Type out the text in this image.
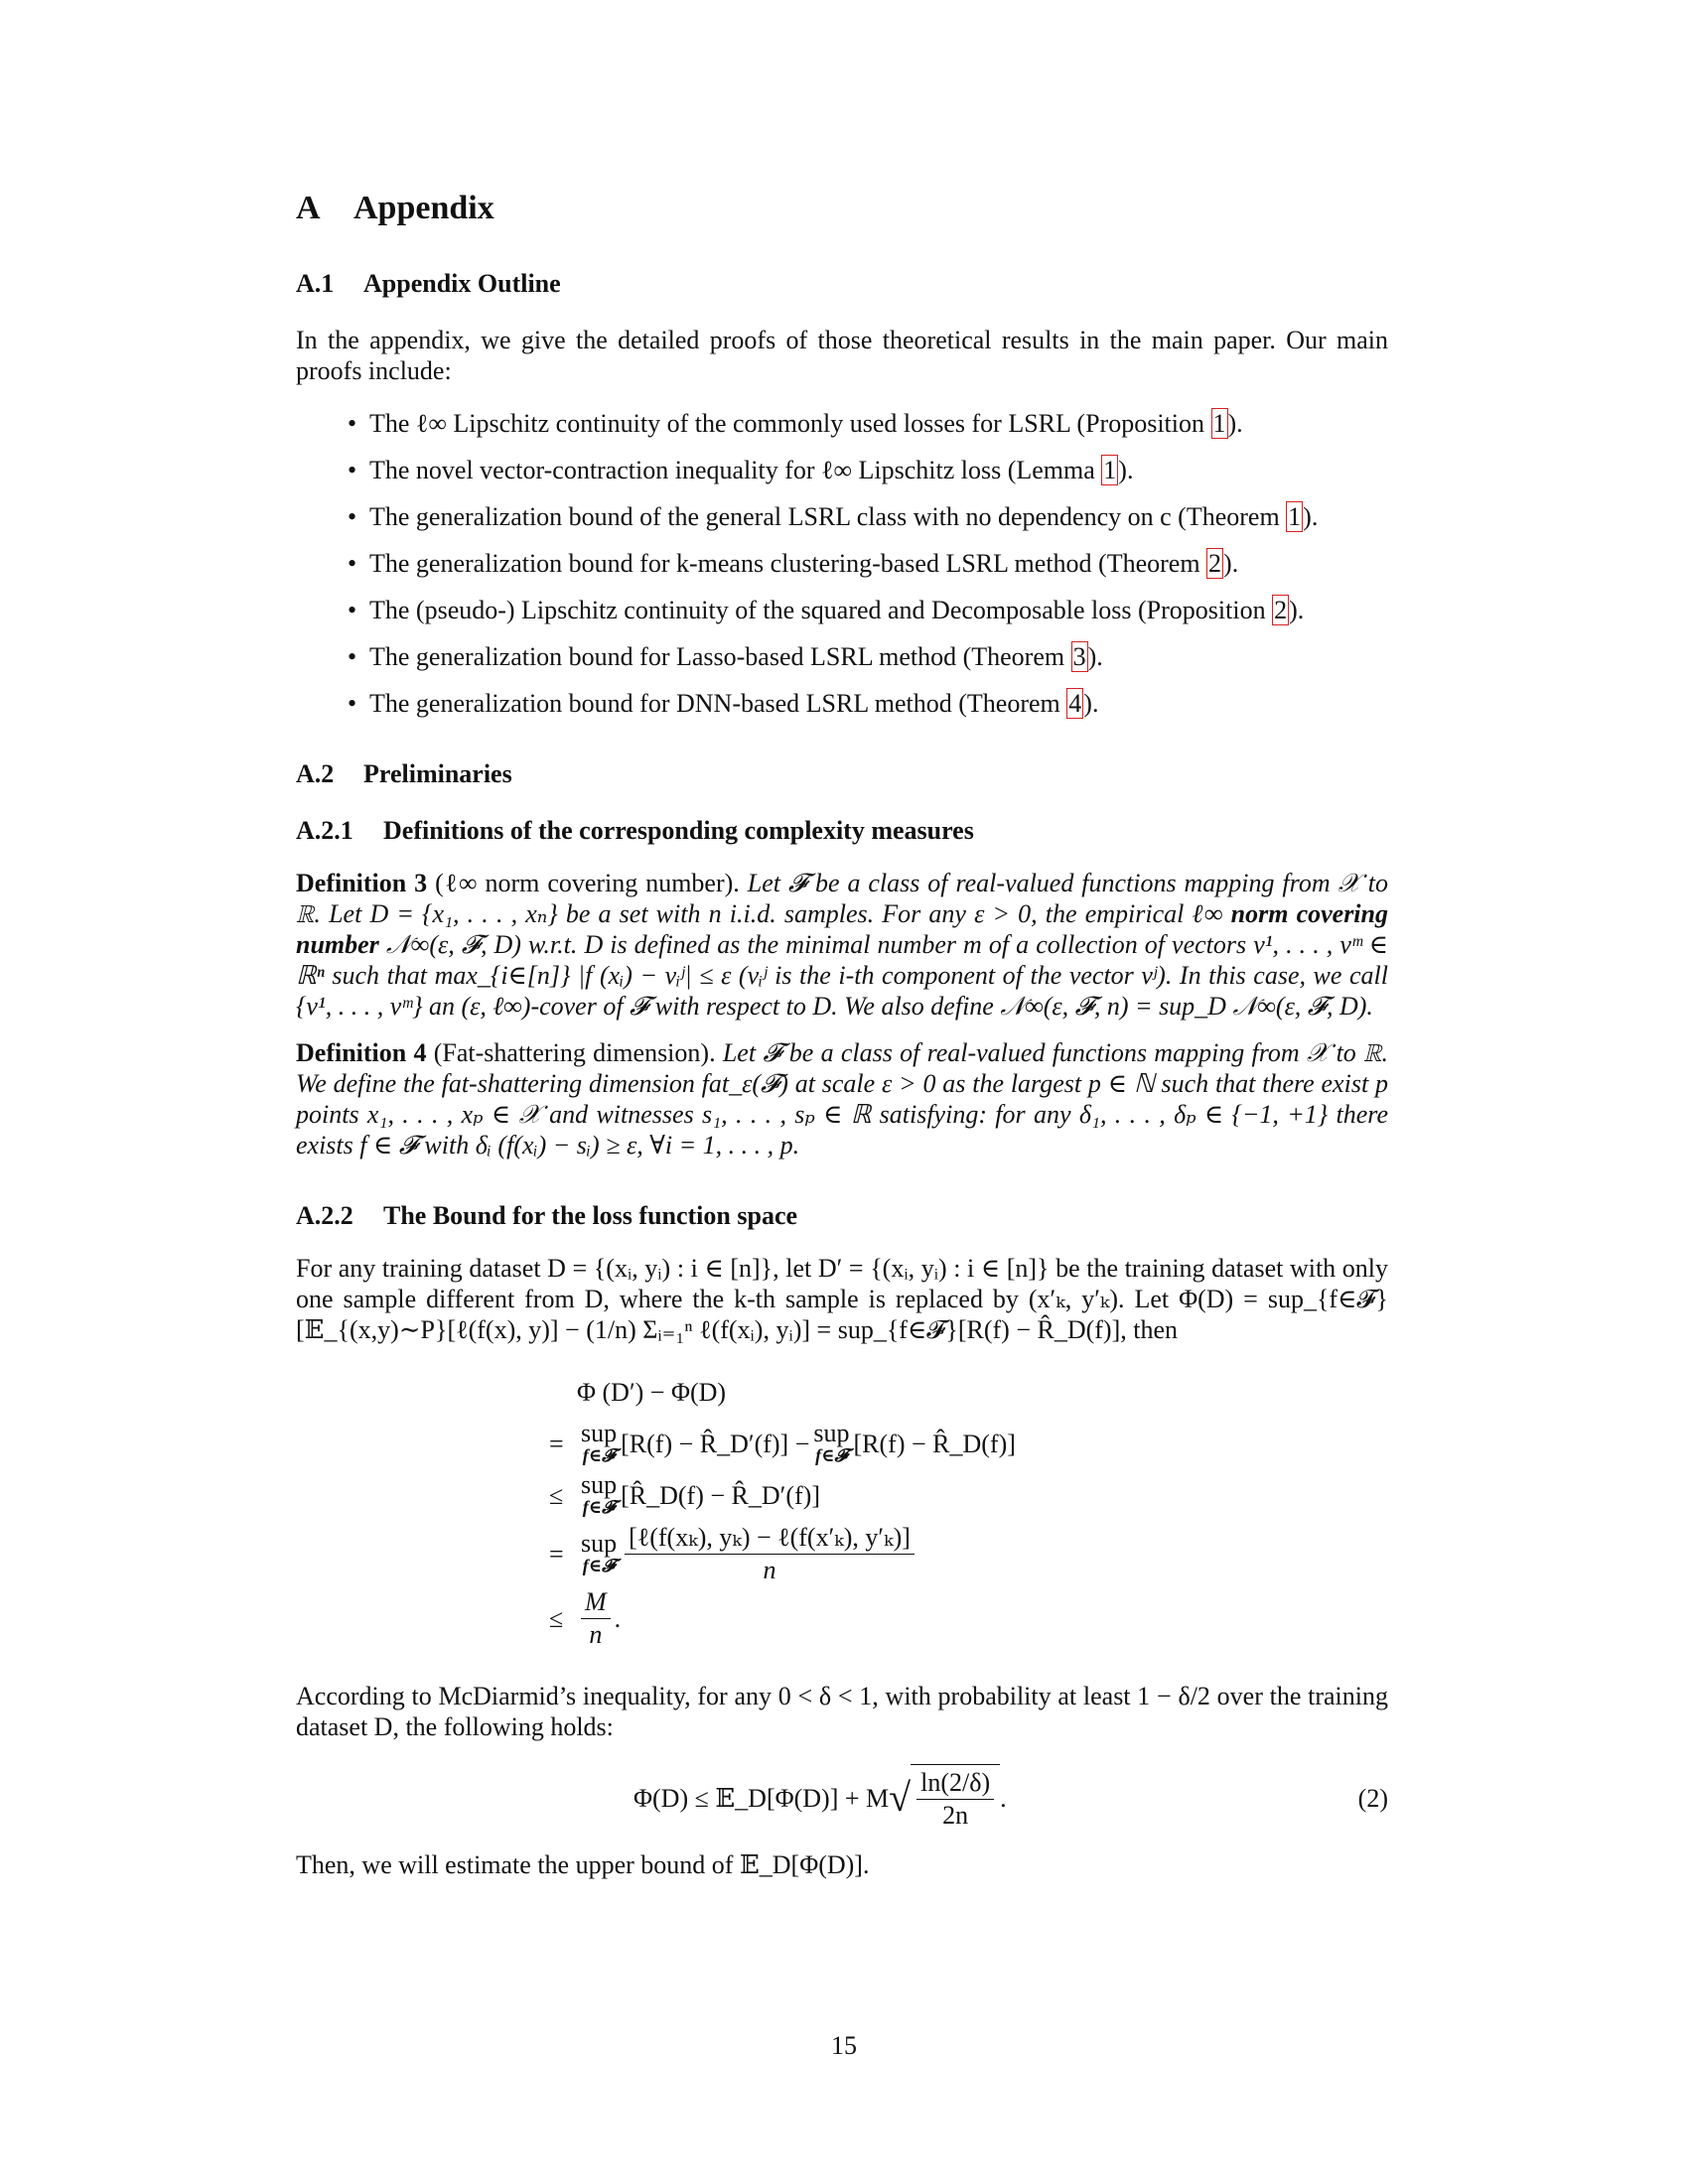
A Appendix
A.1 Appendix Outline

In the appendix, we give the detailed proofs of those theoretical results in the main paper. Our main proofs include:

• The ℓ∞ Lipschitz continuity of the commonly used losses for LSRL (Proposition 1).
• The novel vector-contraction inequality for ℓ∞ Lipschitz loss (Lemma 1).
• The generalization bound of the general LSRL class with no dependency on c (Theorem 1).
• The generalization bound for k-means clustering-based LSRL method (Theorem 2).
• The (pseudo-) Lipschitz continuity of the squared and Decomposable loss (Proposition 2).
• The generalization bound for Lasso-based LSRL method (Theorem 3).
• The generalization bound for DNN-based LSRL method (Theorem 4).
A.2 Preliminaries
A.2.1 Definitions of the corresponding complexity measures
Definition 3 (ℓ∞ norm covering number). Let 𝓕 be a class of real-valued functions mapping from 𝒳 to ℝ. Let D = {x₁, . . . , xₙ} be a set with n i.i.d. samples. For any ε > 0, the empirical ℓ∞ norm covering number 𝒩∞(ε, 𝓕, D) w.r.t. D is defined as the minimal number m of a collection of vectors v¹, . . . , vᵐ ∈ ℝⁿ such that max_{i∈[n]} |f (xᵢ) − vᵢʲ| ≤ ε (vᵢʲ is the i-th component of the vector vʲ). In this case, we call {v¹, . . . , vᵐ} an (ε, ℓ∞)-cover of 𝓕 with respect to D. We also define 𝒩∞(ε, 𝓕, n) = sup_D 𝒩∞(ε, 𝓕, D).
Definition 4 (Fat-shattering dimension). Let 𝓕 be a class of real-valued functions mapping from 𝒳 to ℝ. We define the fat-shattering dimension fat_ε(𝓕) at scale ε > 0 as the largest p ∈ ℕ such that there exist p points x₁, . . . , xₚ ∈ 𝒳 and witnesses s₁, . . . , sₚ ∈ ℝ satisfying: for any δ₁, . . . , δₚ ∈ {−1, +1} there exists f ∈ 𝓕 with δᵢ (f(xᵢ) − sᵢ) ≥ ε, ∀i = 1, . . . , p.
A.2.2 The Bound for the loss function space

For any training dataset D = {(xᵢ, yᵢ) : i ∈ [n]}, let D′ = {(xᵢ, yᵢ) : i ∈ [n]} be the training dataset with only one sample different from D, where the k-th sample is replaced by (x′ₖ, y′ₖ). Let Φ(D) = sup_{f∈𝓕}[𝔼_{(x,y)∼P}[ℓ(f(x), y)] − (1/n) Σᵢ₌₁ⁿ ℓ(f(xᵢ), yᵢ)] = sup_{f∈𝓕}[R(f) − R̂_D(f)], then

Φ (D′) − Φ(D)
= sup
f∈𝓕 [R(f) − R̂_D′(f)] − sup
f∈𝓕 [R(f) − R̂_D(f)]
≤ sup
f∈𝓕 [R̂_D(f) − R̂_D′(f)]
= sup
f∈𝓕 $\frac{\text{[ℓ(f(xₖ), yₖ) − ℓ(f(x′ₖ), y′ₖ)]}}{n}$
≤ $\frac{M}{n}$ .

According to McDiarmid’s inequality, for any 0 < δ < 1, with probability at least 1 − δ/2 over the training dataset D, the following holds:

Φ(D) ≤ 𝔼_D[Φ(D)] + M √ $\frac{\ln(2/\delta)}{2n}$ .	(2)

Then, we will estimate the upper bound of 𝔼_D[Φ(D)].

15
